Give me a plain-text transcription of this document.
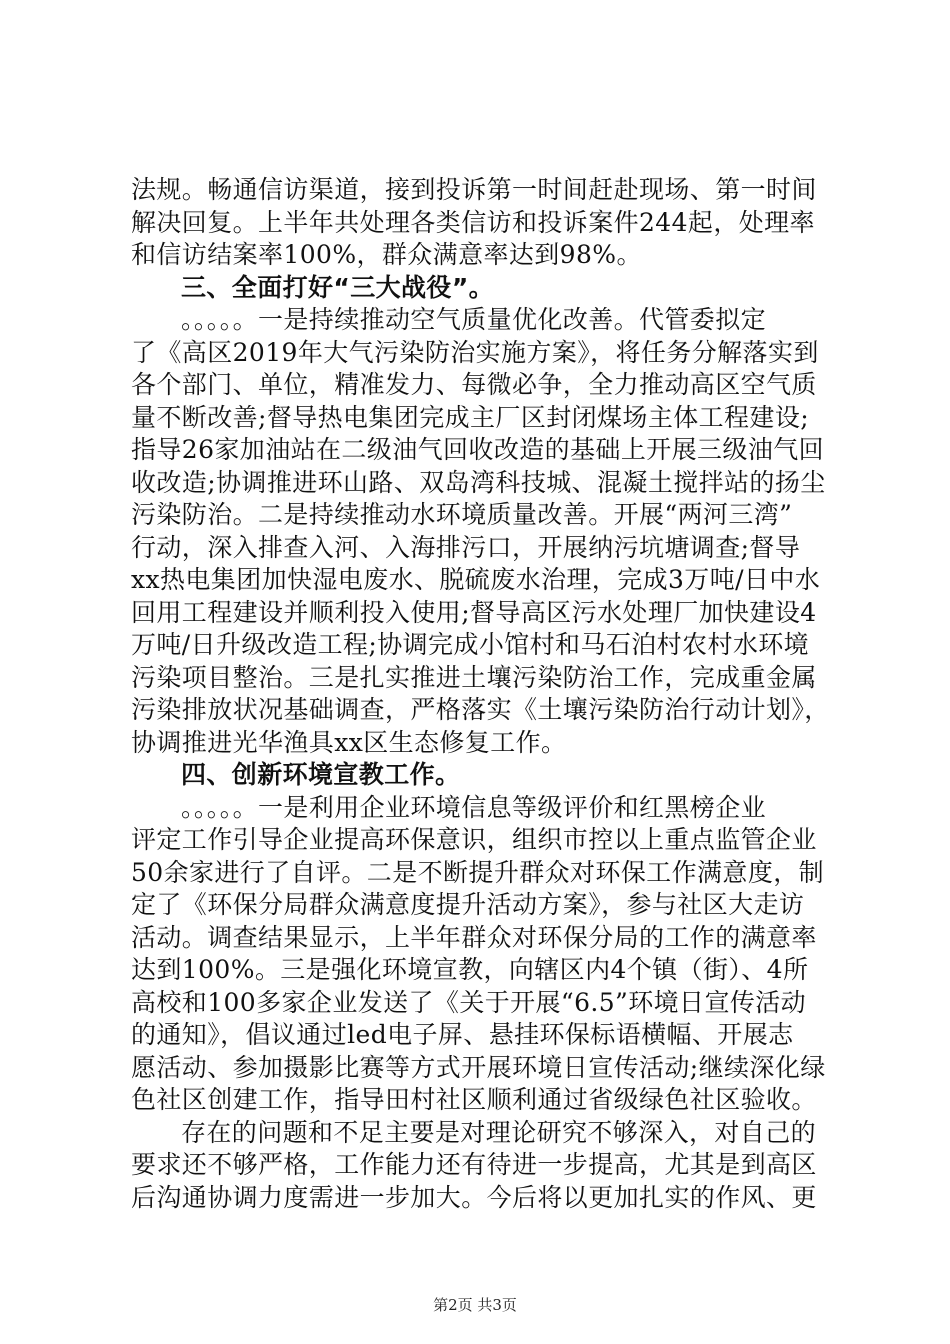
法规。畅通信访渠道，接到投诉第一时间赶赴现场、第一时间
解决回复。上半年共处理各类信访和投诉案件244起，处理率
和信访结案率100%，群众满意率达到98%。
三、全面打好“三大战役”。
。。。。。一是持续推动空气质量优化改善。代管委拟定
了《高区2019年大气污染防治实施方案》，将任务分解落实到
各个部门、单位，精准发力、每微必争，全力推动高区空气质
量不断改善;督导热电集团完成主厂区封闭煤场主体工程建设;
指导26家加油站在二级油气回收改造的基础上开展三级油气回
收改造;协调推进环山路、双岛湾科技城、混凝土搅拌站的扬尘
污染防治。二是持续推动水环境质量改善。开展“两河三湾”
行动，深入排查入河、入海排污口，开展纳污坑塘调查;督导
xx热电集团加快湿电废水、脱硫废水治理，完成3万吨/日中水
回用工程建设并顺利投入使用;督导高区污水处理厂加快建设4
万吨/日升级改造工程;协调完成小馆村和马石泊村农村水环境
污染项目整治。三是扎实推进土壤污染防治工作，完成重金属
污染排放状况基础调查，严格落实《土壤污染防治行动计划》，
协调推进光华渔具xx区生态修复工作。
四、创新环境宣教工作。
。。。。。一是利用企业环境信息等级评价和红黑榜企业
评定工作引导企业提高环保意识，组织市控以上重点监管企业
50余家进行了自评。二是不断提升群众对环保工作满意度，制
定了《环保分局群众满意度提升活动方案》，参与社区大走访
活动。调查结果显示，上半年群众对环保分局的工作的满意率
达到100%。三是强化环境宣教，向辖区内4个镇（街）、4所
高校和100多家企业发送了《关于开展“6.5”环境日宣传活动
的通知》，倡议通过led电子屏、悬挂环保标语横幅、开展志
愿活动、参加摄影比赛等方式开展环境日宣传活动;继续深化绿
色社区创建工作，指导田村社区顺利通过省级绿色社区验收。
存在的问题和不足主要是对理论研究不够深入，对自己的
要求还不够严格，工作能力还有待进一步提高，尤其是到高区
后沟通协调力度需进一步加大。今后将以更加扎实的作风、更
第2页 共3页
